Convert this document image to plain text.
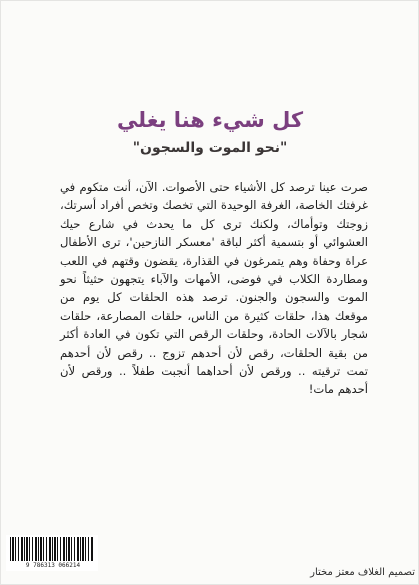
كل شيء هنا يغلي
"نحو الموت والسجون"

صرت عينا ترصد كل الأشياء حتى الأصوات. الآن، أنت متكوم في غرفتك الخاصة، الغرفة الوحيدة التي تخصك وتخص أفراد أسرتك، زوجتك وتوأماك، ولكنك ترى كل ما يحدث في شارع حيك العشوائي أو بتسمية أكثر لباقة 'معسكر النازحين'، ترى الأطفال عراة وحفاة وهم يتمرغون في القذارة، يقضون وقتهم في اللعب ومطاردة الكلاب في فوضى، الأمهات والآباء يتجهون حثيثاً نحو الموت والسجون والجنون. ترصد هذه الحلقات كل يوم من موقعك هذا، حلقات كثيرة من الناس، حلقات المصارعة، حلقات شجار بالآلات الحادة، وحلقات الرقص التي تكون في العادة أكثر من بقية الحلقات، رقص لأن أحدهم تزوج .. رقص لأن أحدهم تمت ترقيته .. ورقص لأن أحداهما أنجبت طفلاً .. ورقص لأن أحدهم مات!

9 786313 066214
تصميم الغلاف معتز مختار
